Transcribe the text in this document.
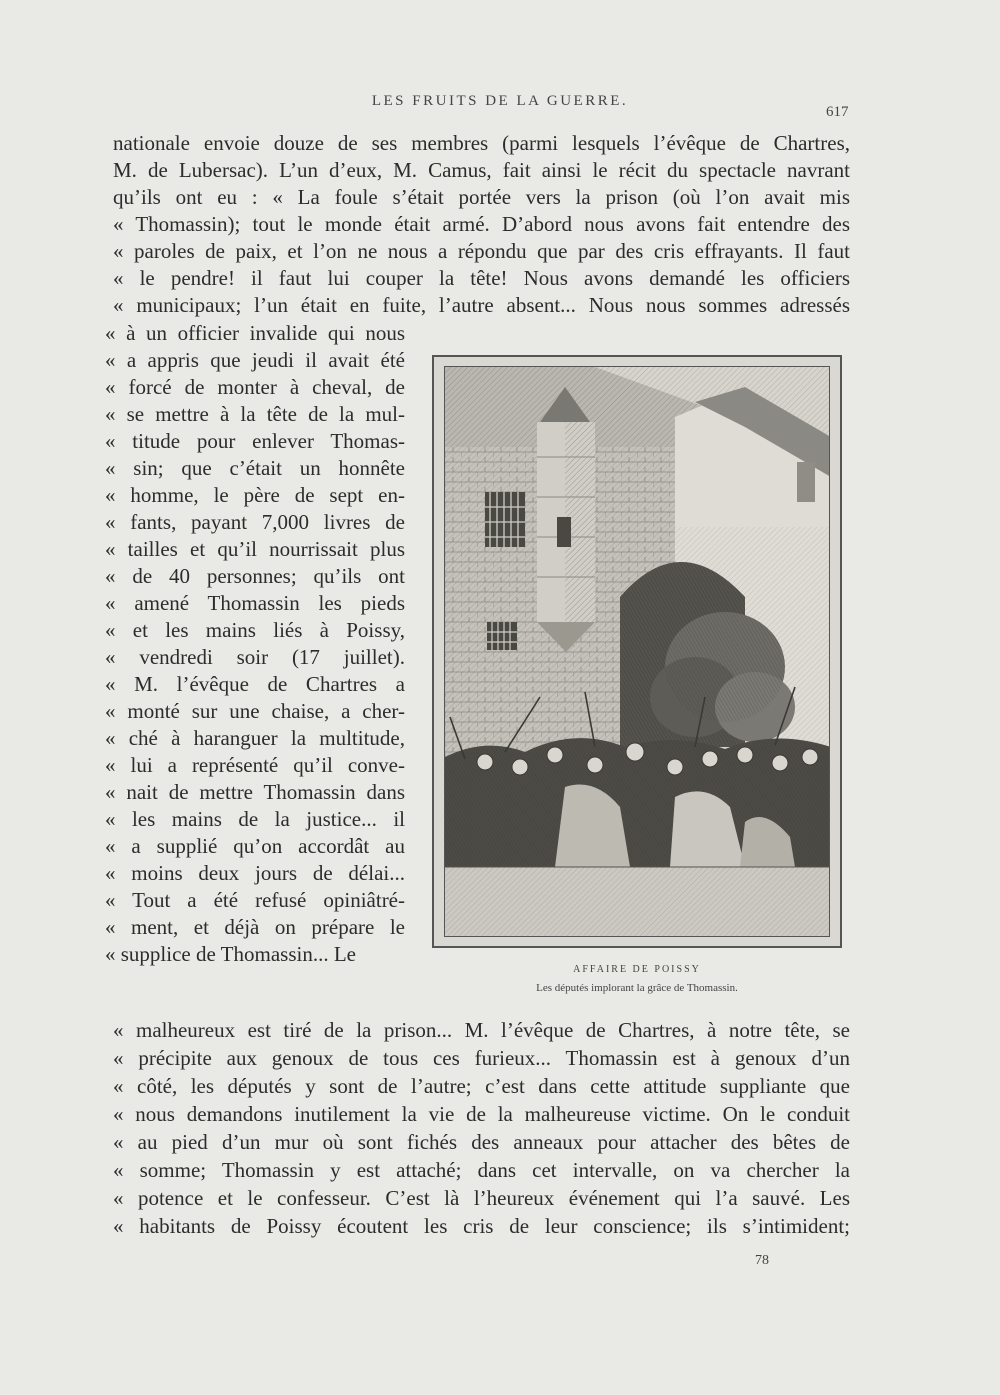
LES FRUITS DE LA GUERRE.
617
nationale envoie douze de ses membres (parmi lesquels l’évêque de Chartres,
M. de Lubersac). L’un d’eux, M. Camus, fait ainsi le récit du spectacle navrant
qu’ils ont eu : « La foule s’était portée vers la prison (où l’on avait mis
« Thomassin); tout le monde était armé. D’abord nous avons fait entendre des
« paroles de paix, et l’on ne nous a répondu que par des cris effrayants. Il faut
« le pendre! il faut lui couper la tête! Nous avons demandé les officiers
« municipaux; l’un était en fuite, l’autre absent... Nous nous sommes adressés
« à un officier invalide qui nous
« a appris que jeudi il avait été
« forcé de monter à cheval, de
« se mettre à la tête de la mul-
« titude pour enlever Thomas-
« sin; que c’était un honnête
« homme, le père de sept en-
« fants, payant 7,000 livres de
« tailles et qu’il nourrissait plus
« de 40 personnes; qu’ils ont
« amené Thomassin les pieds
« et les mains liés à Poissy,
« vendredi soir (17 juillet).
« M. l’évêque de Chartres a
« monté sur une chaise, a cher-
« ché à haranguer la multitude,
« lui a représenté qu’il conve-
« nait de mettre Thomassin dans
« les mains de la justice... il
« a supplié qu’on accordât au
« moins deux jours de délai...
« Tout a été refusé opiniâtré-
« ment, et déjà on prépare le
« supplice de Thomassin... Le
« malheureux est tiré de la prison... M. l’évêque de Chartres, à notre tête, se
« précipite aux genoux de tous ces furieux... Thomassin est à genoux d’un
« côté, les députés y sont de l’autre; c’est dans cette attitude suppliante que
« nous demandons inutilement la vie de la malheureuse victime. On le conduit
« au pied d’un mur où sont fichés des anneaux pour attacher des bêtes de
« somme; Thomassin y est attaché; dans cet intervalle, on va chercher la
« potence et le confesseur. C’est là l’heureux événement qui l’a sauvé. Les
« habitants de Poissy écoutent les cris de leur conscience; ils s’intimident;
AFFAIRE DE POISSY
Les députés implorant la grâce de Thomassin.
78
